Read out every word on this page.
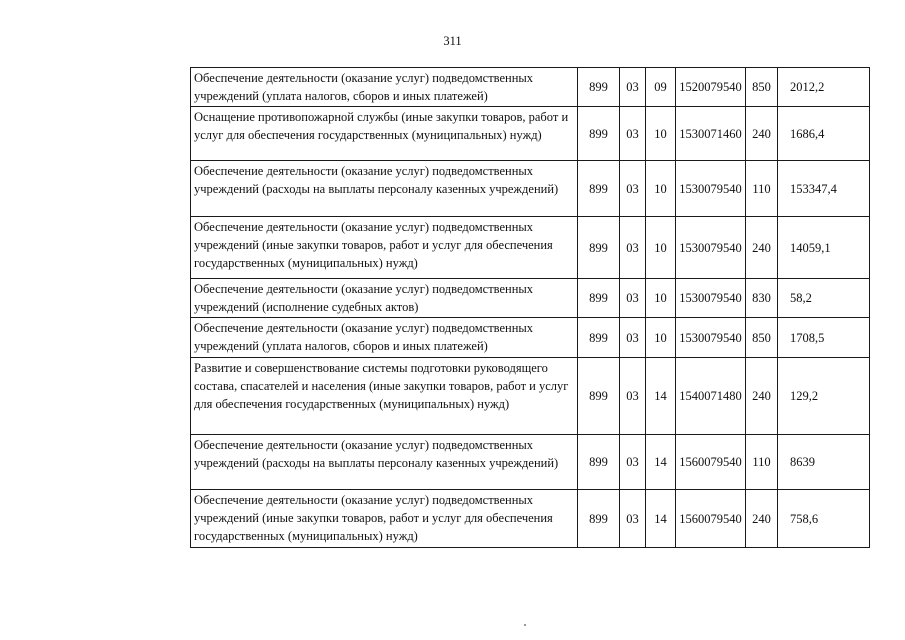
311
Обеспечение деятельности (оказание услуг) подведомственных учреждений (уплата налогов, сборов и иных платежей)	899	03	09	1520079540	850	2012,2
Оснащение противопожарной службы (иные закупки товаров, работ и услуг для обеспечения государственных (муниципальных) нужд)	899	03	10	1530071460	240	1686,4
Обеспечение деятельности (оказание услуг) подведомственных учреждений (расходы на выплаты персоналу казенных учреждений)	899	03	10	1530079540	110	153347,4
Обеспечение деятельности (оказание услуг) подведомственных учреждений (иные закупки товаров, работ и услуг для обеспечения государственных (муниципальных) нужд)	899	03	10	1530079540	240	14059,1
Обеспечение деятельности (оказание услуг) подведомственных учреждений (исполнение судебных актов)	899	03	10	1530079540	830	58,2
Обеспечение деятельности (оказание услуг) подведомственных учреждений (уплата налогов, сборов и иных платежей)	899	03	10	1530079540	850	1708,5
Развитие и совершенствование системы подготовки руководящего состава, спасателей и населения (иные закупки товаров, работ и услуг для обеспечения государственных (муниципальных) нужд)	899	03	14	1540071480	240	129,2
Обеспечение деятельности (оказание услуг) подведомственных учреждений (расходы на выплаты персоналу казенных учреждений)	899	03	14	1560079540	110	8639
Обеспечение деятельности (оказание услуг) подведомственных учреждений (иные закупки товаров, работ и услуг для обеспечения государственных (муниципальных) нужд)	899	03	14	1560079540	240	758,6
